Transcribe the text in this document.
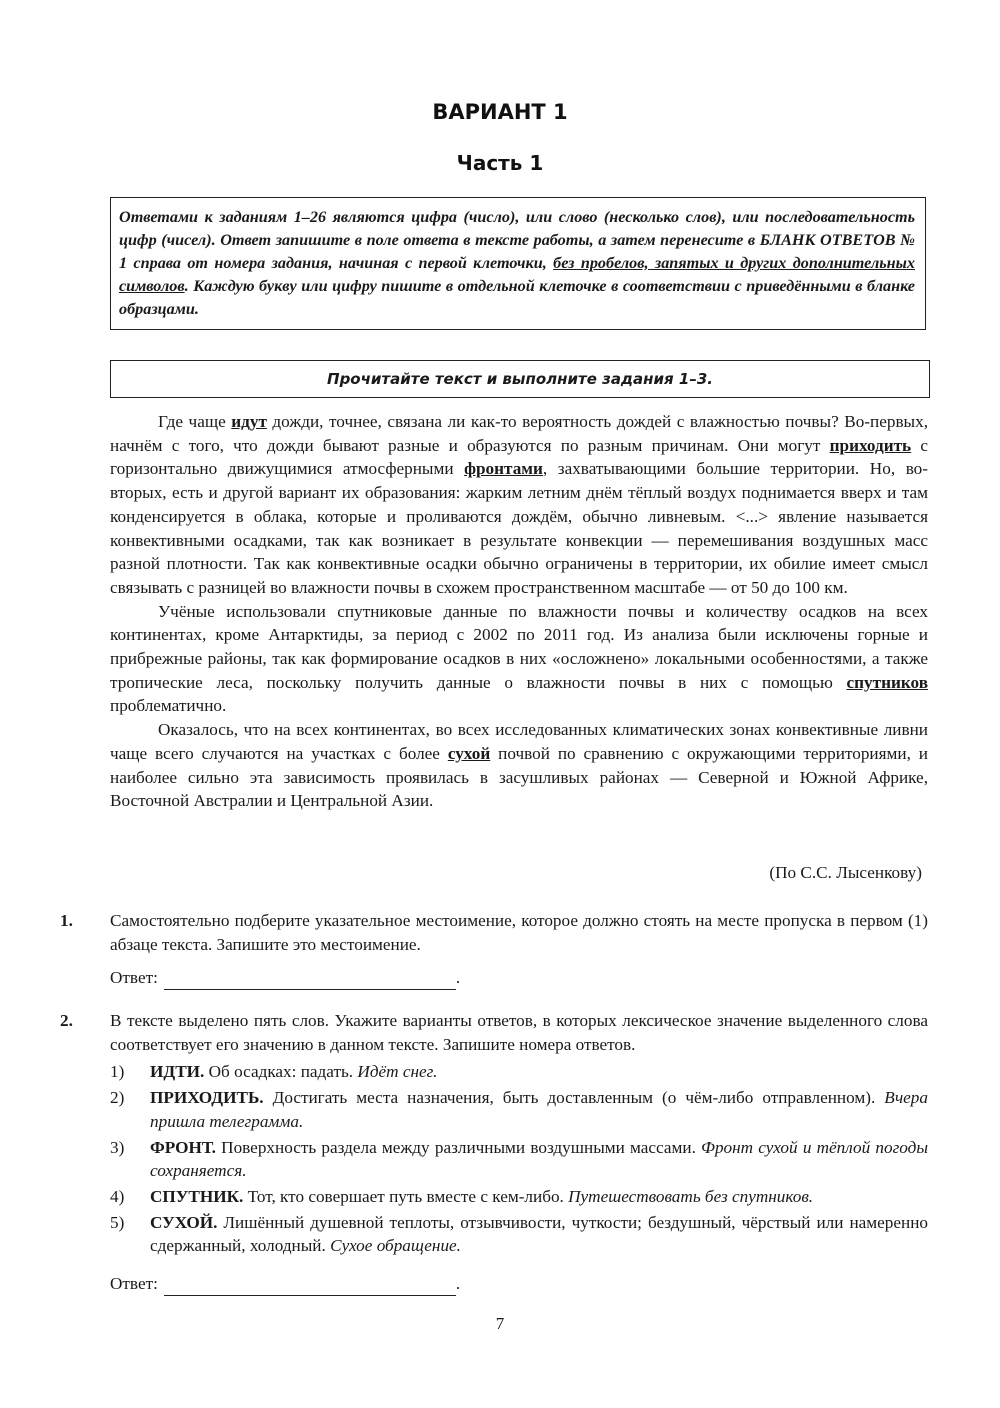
ВАРИАНТ 1
Часть 1
Ответами к заданиям 1–26 являются цифра (число), или слово (несколько слов), или последовательность цифр (чисел). Ответ запишите в поле ответа в тексте работы, а затем перенесите в БЛАНК ОТВЕТОВ № 1 справа от номера задания, начиная с первой клеточки, без пробелов, запятых и других дополнительных символов. Каждую букву или цифру пишите в отдельной клеточке в соответствии с приведёнными в бланке образцами.
Прочитайте текст и выполните задания 1–3.

Где чаще идут дожди, точнее, связана ли как-то вероятность дождей с влажностью почвы? Во-первых, начнём с того, что дожди бывают разные и образуются по разным причинам. Они могут приходить с горизонтально движущимися атмосферными фронтами, захватывающими большие территории. Но, во-вторых, есть и другой вариант их образования: жарким летним днём тёплый воздух поднимается вверх и там конденсируется в облака, которые и проливаются дождём, обычно ливневым. <...> явление называется конвективными осадками, так как возникает в результате конвекции — перемешивания воздушных масс разной плотности. Так как конвективные осадки обычно ограничены в территории, их обилие имеет смысл связывать с разницей во влажности почвы в схожем пространственном масштабе — от 50 до 100 км.

Учёные использовали спутниковые данные по влажности почвы и количеству осадков на всех континентах, кроме Антарктиды, за период с 2002 по 2011 год. Из анализа были исключены горные и прибрежные районы, так как формирование осадков в них «осложнено» локальными особенностями, а также тропические леса, поскольку получить данные о влажности почвы в них с помощью спутников проблематично.

Оказалось, что на всех континентах, во всех исследованных климатических зонах конвективные ливни чаще всего случаются на участках с более сухой почвой по сравнению с окружающими территориями, и наиболее сильно эта зависимость проявилась в засушливых районах — Северной и Южной Африке, Восточной Австралии и Центральной Азии.

(По С.С. Лысенкову)
1. Самостоятельно подберите указательное местоимение, которое должно стоять на месте пропуска в первом (1) абзаце текста. Запишите это местоимение.
Ответ:	.
2. В тексте выделено пять слов. Укажите варианты ответов, в которых лексическое значение выделенного слова соответствует его значению в данном тексте. Запишите номера ответов.
1) ИДТИ. Об осадках: падать. Идёт снег.
2) ПРИХОДИТЬ. Достигать места назначения, быть доставленным (о чём-либо отправленном). Вчера пришла телеграмма.
3) ФРОНТ. Поверхность раздела между различными воздушными массами. Фронт сухой и тёплой погоды сохраняется.
4) СПУТНИК. Тот, кто совершает путь вместе с кем-либо. Путешествовать без спутников.
5) СУХОЙ. Лишённый душевной теплоты, отзывчивости, чуткости; бездушный, чёрствый или намеренно сдержанный, холодный. Сухое обращение.
Ответ:	.
7
